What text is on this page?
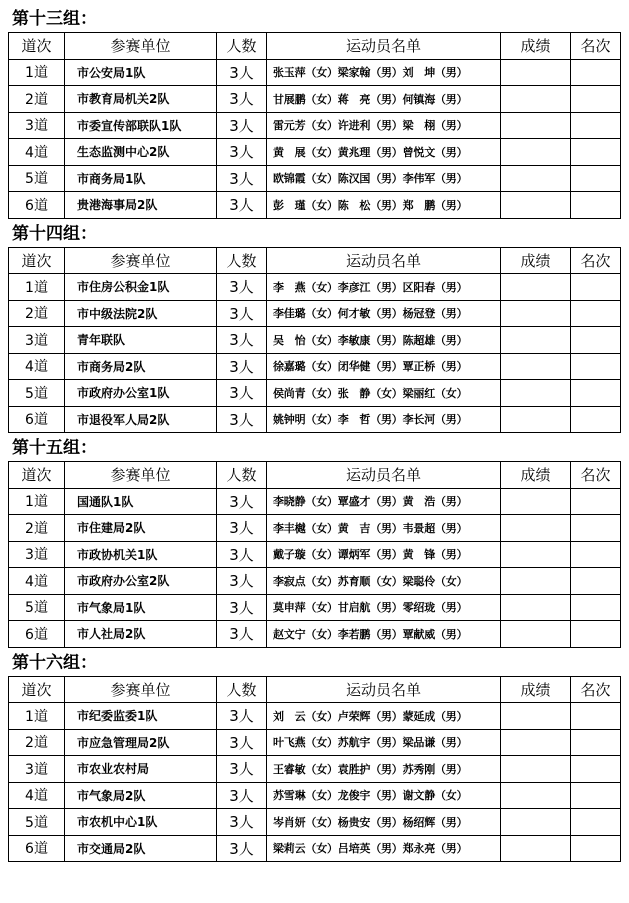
第十三组：
道次	参赛单位	人数	运动员名单	成绩	名次
1道	市公安局1队	3人	张玉萍（女）梁家翰（男）刘　坤（男）		
2道	市教育局机关2队	3人	甘展鹏（女）蒋　亮（男）何镇海（男）		
3道	市委宣传部联队1队	3人	雷元芳（女）许进利（男）梁　栩（男）		
4道	生态监测中心2队	3人	黄　展（女）黄兆理（男）曾悦文（男）		
5道	市商务局1队	3人	欧锦霞（女）陈汉国（男）李伟军（男）		
6道	贵港海事局2队	3人	彭　瑾（女）陈　松（男）郑　鹏（男）		
第十四组：
道次	参赛单位	人数	运动员名单	成绩	名次
1道	市住房公积金1队	3人	李　燕（女）李彦江（男）区阳春（男）		
2道	市中级法院2队	3人	李佳璐（女）何才敏（男）杨冠登（男）		
3道	青年联队	3人	吴　怡（女）李敏康（男）陈超雄（男）		
4道	市商务局2队	3人	徐嘉璐（女）闭华健（男）覃正桥（男）		
5道	市政府办公室1队	3人	侯尚青（女）张　静（女）梁丽红（女）		
6道	市退役军人局2队	3人	姚钟明（女）李　哲（男）李长河（男）		
第十五组：
道次	参赛单位	人数	运动员名单	成绩	名次
1道	国通队1队	3人	李晓静（女）覃盛才（男）黄　浩（男）		
2道	市住建局2队	3人	李丰樾（女）黄　吉（男）韦景超（男）		
3道	市政协机关1队	3人	戴子璇（女）谭炳军（男）黄　锋（男）		
4道	市政府办公室2队	3人	李寂点（女）苏育顺（女）梁聪伶（女）		
5道	市气象局1队	3人	莫申萍（女）甘启航（男）零绍珑（男）		
6道	市人社局2队	3人	赵文宁（女）李若鹏（男）覃献威（男）		
第十六组：
道次	参赛单位	人数	运动员名单	成绩	名次
1道	市纪委监委1队	3人	刘　云（女）卢荣辉（男）蒙延成（男）		
2道	市应急管理局2队	3人	叶飞燕（女）苏航宇（男）梁品谦（男）		
3道	市农业农村局	3人	王睿敏（女）袁胜护（男）苏秀刚（男）		
4道	市气象局2队	3人	苏雪琳（女）龙俊宇（男）谢文静（女）		
5道	市农机中心1队	3人	岑肖妍（女）杨贵安（男）杨绍辉（男）		
6道	市交通局2队	3人	梁莉云（女）吕培英（男）郑永亮（男）		
